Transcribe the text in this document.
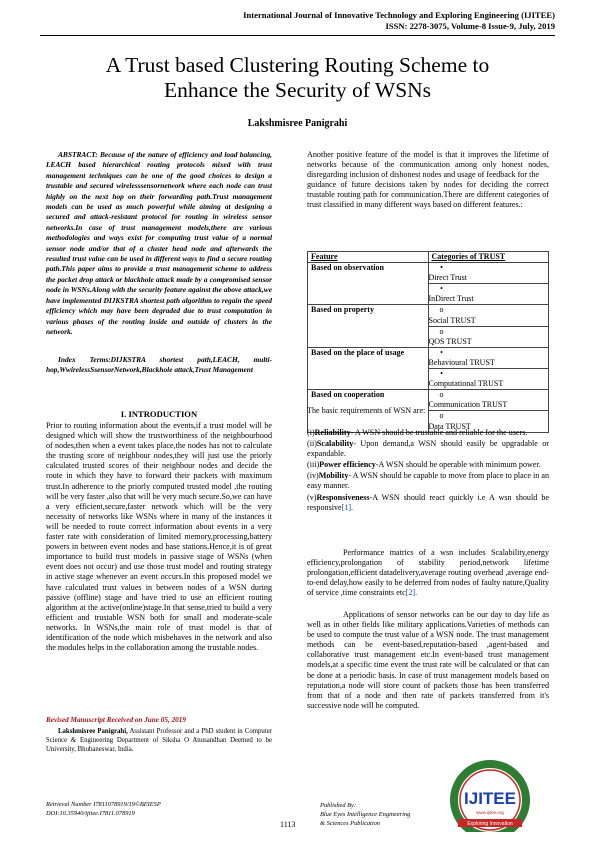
International Journal of Innovative Technology and Exploring Engineering (IJITEE)
ISSN: 2278-3075, Volume-8 Issue-9, July, 2019
A Trust based Clustering Routing Scheme to
Enhance the Security of WSNs
Lakshmisree Panigrahi
ABSTRACT: Because of the nature of efficiency and load balancing, LEACH based hierarchical routing protocols mixed with trust management techniques can be one of the good choices to design a trustable and secured wirelesssensornetwork where each node can trust highly on the next hop on their forwarding path.Trust management models can be used as much powerful while aiming at designing a secured and attack-resistant protocol for routing in wireless sensor networks.In case of trust management models,there are various methodologies and ways exist for computing trust value of a normal sensor node and/or that of a cluster head node and afterwards the resulted trust value can be used in different ways to find a secure routing path.This paper aims to provide a trust management scheme to address the packet drop attack or blackhole attack made by a compromised sensor node in WSNs.Along with the security feature against the above attack,we have implemented DIJKSTRA shortest path algorithm to regain the speed efficiency which may have been degraded due to trust computation in various phases of the routing inside and outside of clusters in the network.
Index Terms:DIJKSTRA shortest path,LEACH, multi-hop,WwirelessSsensorNetwork,Blackhole attack,Trust Management
I. INTRODUCTION
Prior to routing information about the events,if a trust model will be designed which will show the trustworthiness of the neighbourhood of nodes,then when a event takes place,the nodes has not to calculate the trusting score of neighbour nodes,they will just use the priorly calculated trusted scores of their neighbour nodes and decide the route in which they have to forward their packets with maximum trust.In adherence to the priorly computed trusted model ,the routing will be very faster ,also that will be very much secure.So,we can have a very efficient,secure,faster network which will be the very necessity of networks like WSNs where in many of the instances it will be needed to route correct information about events in a very faster rate with consideration of limited memory,processing,battery powers in between event nodes and base stations.Hence,it is of great importance to build trust models in passive stage of WSNs (when event does not occur) and use those trust model and routing strategy in active stage whenever an event occurs.In this proposed model we have calculated trust values in between nodes of a WSN during passive (offline) stage and have tried to use an efficient routing algorithm at the active(online)stage.In that sense,tried to build a very efficient and trustable WSN both for small and moderate-scale networks. In WSNs,the main role of trust model is that of identification of the node which misbehaves in the network and also the modules helps in the collaboration among the trustable nodes.
Revised Manuscript Received on June 05, 2019
Lakshmisree Panigrahi, Assistant Professor and a PhD student in Computer Science & Engineering Department of Siksha O Anusandhan Deemed to be University, Bhubaneswar, India.

Another positive feature of the model is that it improves the lifetime of networks because of the communication among only honest nodes, disregarding inclusion of dishonest nodes and usage of feedback for the

guidance of future decisions taken by nodes for deciding the correct trustable routing path for communication.There are different categories of trust classified in many different ways based on different features.:

Feature	Categories of TRUST
Based on observation	•Direct Trust
	•InDirect Trust
Based on property	oSocial TRUST
	oQOS TRUST
Based on the place of usage	•Behavioural TRUST
	•Computational TRUST
Based on cooperation	oCommunication TRUST
	oData TRUST
The basic requirements of WSN are:

(i)Reliability- A WSN should be trustable and reliable for the users.

(ii)Scalability- Upon demand,a WSN should easily be upgradable or expandable.

(iii)Power efficiency-A WSN should be operable with minimum power.

(iv)Mobility- A WSN should be capable to move from place to place in an easy manner.

(v)Responsiveness-A WSN should react quickly i.e A wsn should be responsive[1].

Performance matrics of a wsn includes Scalability,energy efficiency,prolongation of stability period,network lifetime prolongation,efficient datadelivery,average routing overhead ,average end-to-end delay,how easily to be deferred from nodes of faulty nature,Quality of service ,time constraints etc[2].
Applications of sensor networks can be our day to day life as well as in other fields like military applications.Varieties of methods can be used to compute the trust value of a WSN node. The trust management methods can be event-based,reputation-based ,agent-based and collaborative trust management etc.In event-based trust management models,at a specific time event the trust rate will be calculated or that can be done at a periodic basis. In case of trust management models based on reputation,a node will store count of packets those has been transferred from that of a node and then rate of packets transferred from it's successive node will be computed.
Retrieval Number I7811078919/19©BEIESP
DOI:10.35940/ijitee.I7811.078919
Published By:
Blue Eyes Intelligence Engineering
& Sciences Publication
1113
International Journal of Innovative Technology and Explorin
IJITEE
www.ijitee.org
Exploring Innovation
